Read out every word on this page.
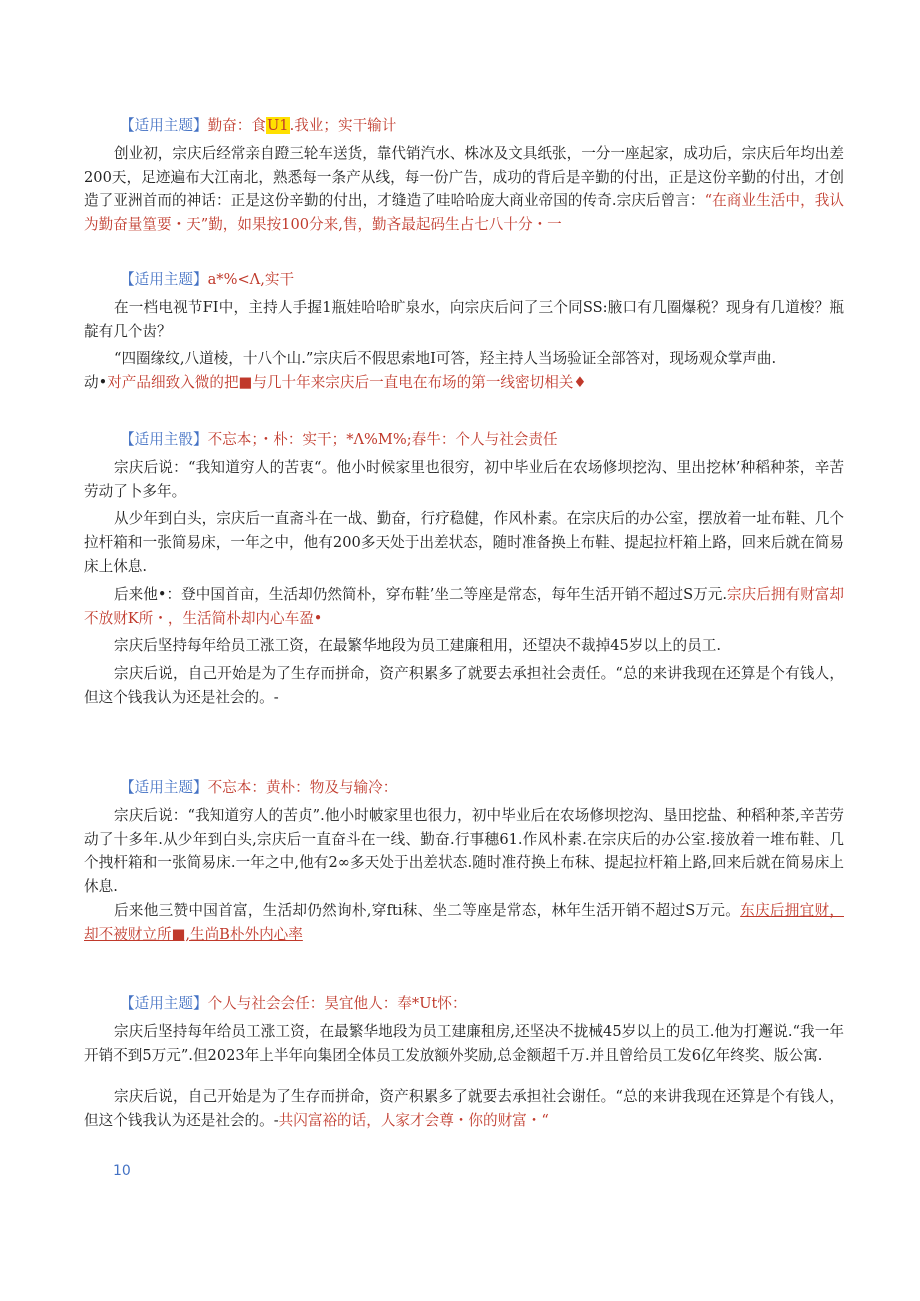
【适用主题】勤奋：食U1.我业；实干输计

创业初，宗庆后经常亲自蹬三轮车送货，靠代销汽水、株冰及文具纸张，一分一座起家，成功后，宗庆后年均出差200天，足迹遍布大江南北，熟悉每一条产从线，每一份广告，成功的背后是辛勤的付出，正是这份辛勤的付出，才创造了亚洲首而的神话：正是这份辛勤的付出，才缝造了哇哈哈庞大商业帝国的传奇.宗庆后曾言：“在商业生活中，我认为勤奋量篁要・天”勤，如果按100分来,售，勤吝最起码生占七八十分・一

【适用主题】a*%<Λ,实干

在一档电视节FI中，主持人手握1瓶娃哈哈旷泉水，向宗庆后问了三个同SS:腋口有几圈爆税？现身有几道梭？瓶靛有几个齿？

“四圈缘纹,八道棱，十八个山.”宗庆后不假思索地I可答，羟主持人当场验证全部答对，现场观众掌声曲.

动•对产品细致入微的把■与几十年来宗庆后一直电在布场的第一线密切相关♦

【适用主骰】不忘本；・朴：实干；*Λ%M%;春牛：个人与社会责任

宗庆后说：“我知道穷人的苦衷“。他小时候家里也很穷，初中毕业后在农场修坝挖沟、里出挖林’种稻种茶，辛苦劳动了卜多年。

从少年到白头，宗庆后一直斋斗在一战、勤奋，行疗稳健，作风朴素。在宗庆后的办公室，摆放着一址布鞋、几个拉杆箱和一张简易床，一年之中，他有200多天处于出差状态，随时准备换上布鞋、提起拉杆箱上路，回来后就在简易床上休息.

后来他•：登中国首亩，生活却仍然简朴，穿布鞋’坐二等座是常态，每年生活开销不超过S万元.宗庆后拥有财富却不放财K所・，生活简朴却内心车盈•

宗庆后坚持每年给员工涨工资，在最繁华地段为员工建廉租用，还望决不裁掉45岁以上的员工.

宗庆后说，自己开始是为了生存而拼命，资产积累多了就要去承担社会责任。“总的来讲我现在还算是个有钱人，但这个钱我认为还是社会的。-

【适用主题】不忘本：黄朴：物及与输冷：

宗庆后说：“我知道穷人的苦贞”.他小时帔家里也很力，初中毕业后在农场修坝挖沟、垦田挖盐、种稻种茶,辛苦劳动了十多年.从少年到白头,宗庆后一直奋斗在一线、勤奋.行事穗61.作风朴素.在宗庆后的办公室.接放着一堆布鞋、几个拽杆箱和一张简易床.一年之中,他有2∞多天处于出差状态.随时准苻换上布秣、提起拉杆箱上路,回来后就在简易床上休息.

后来他三赞中国首富，生活却仍然询朴,穿fti秣、坐二等座是常态，林年生活开销不超过S万元。东庆后拥宜财，却不被财立所■,生尚B朴外内心率

【适用主题】个人与社会会任：昊宜他人：奉*Ut怀：

宗庆后坚持每年给员工涨工资，在最繁华地段为员工建廉租房,还坚决不拢械45岁以上的员工.他为打邂说.“我一年开销不到5万元”.但2023年上半年向集团全体员工发放额外奖励,总金额超千万.并且曾给员工发6亿年终奖、版公寓.

宗庆后说，自己开始是为了生存而拼命，资产积累多了就要去承担社会谢任。“总的来讲我现在还算是个有钱人，但这个钱我认为还是社会的。-共闪富裕的话，人家才会尊・你的财富・“

10
